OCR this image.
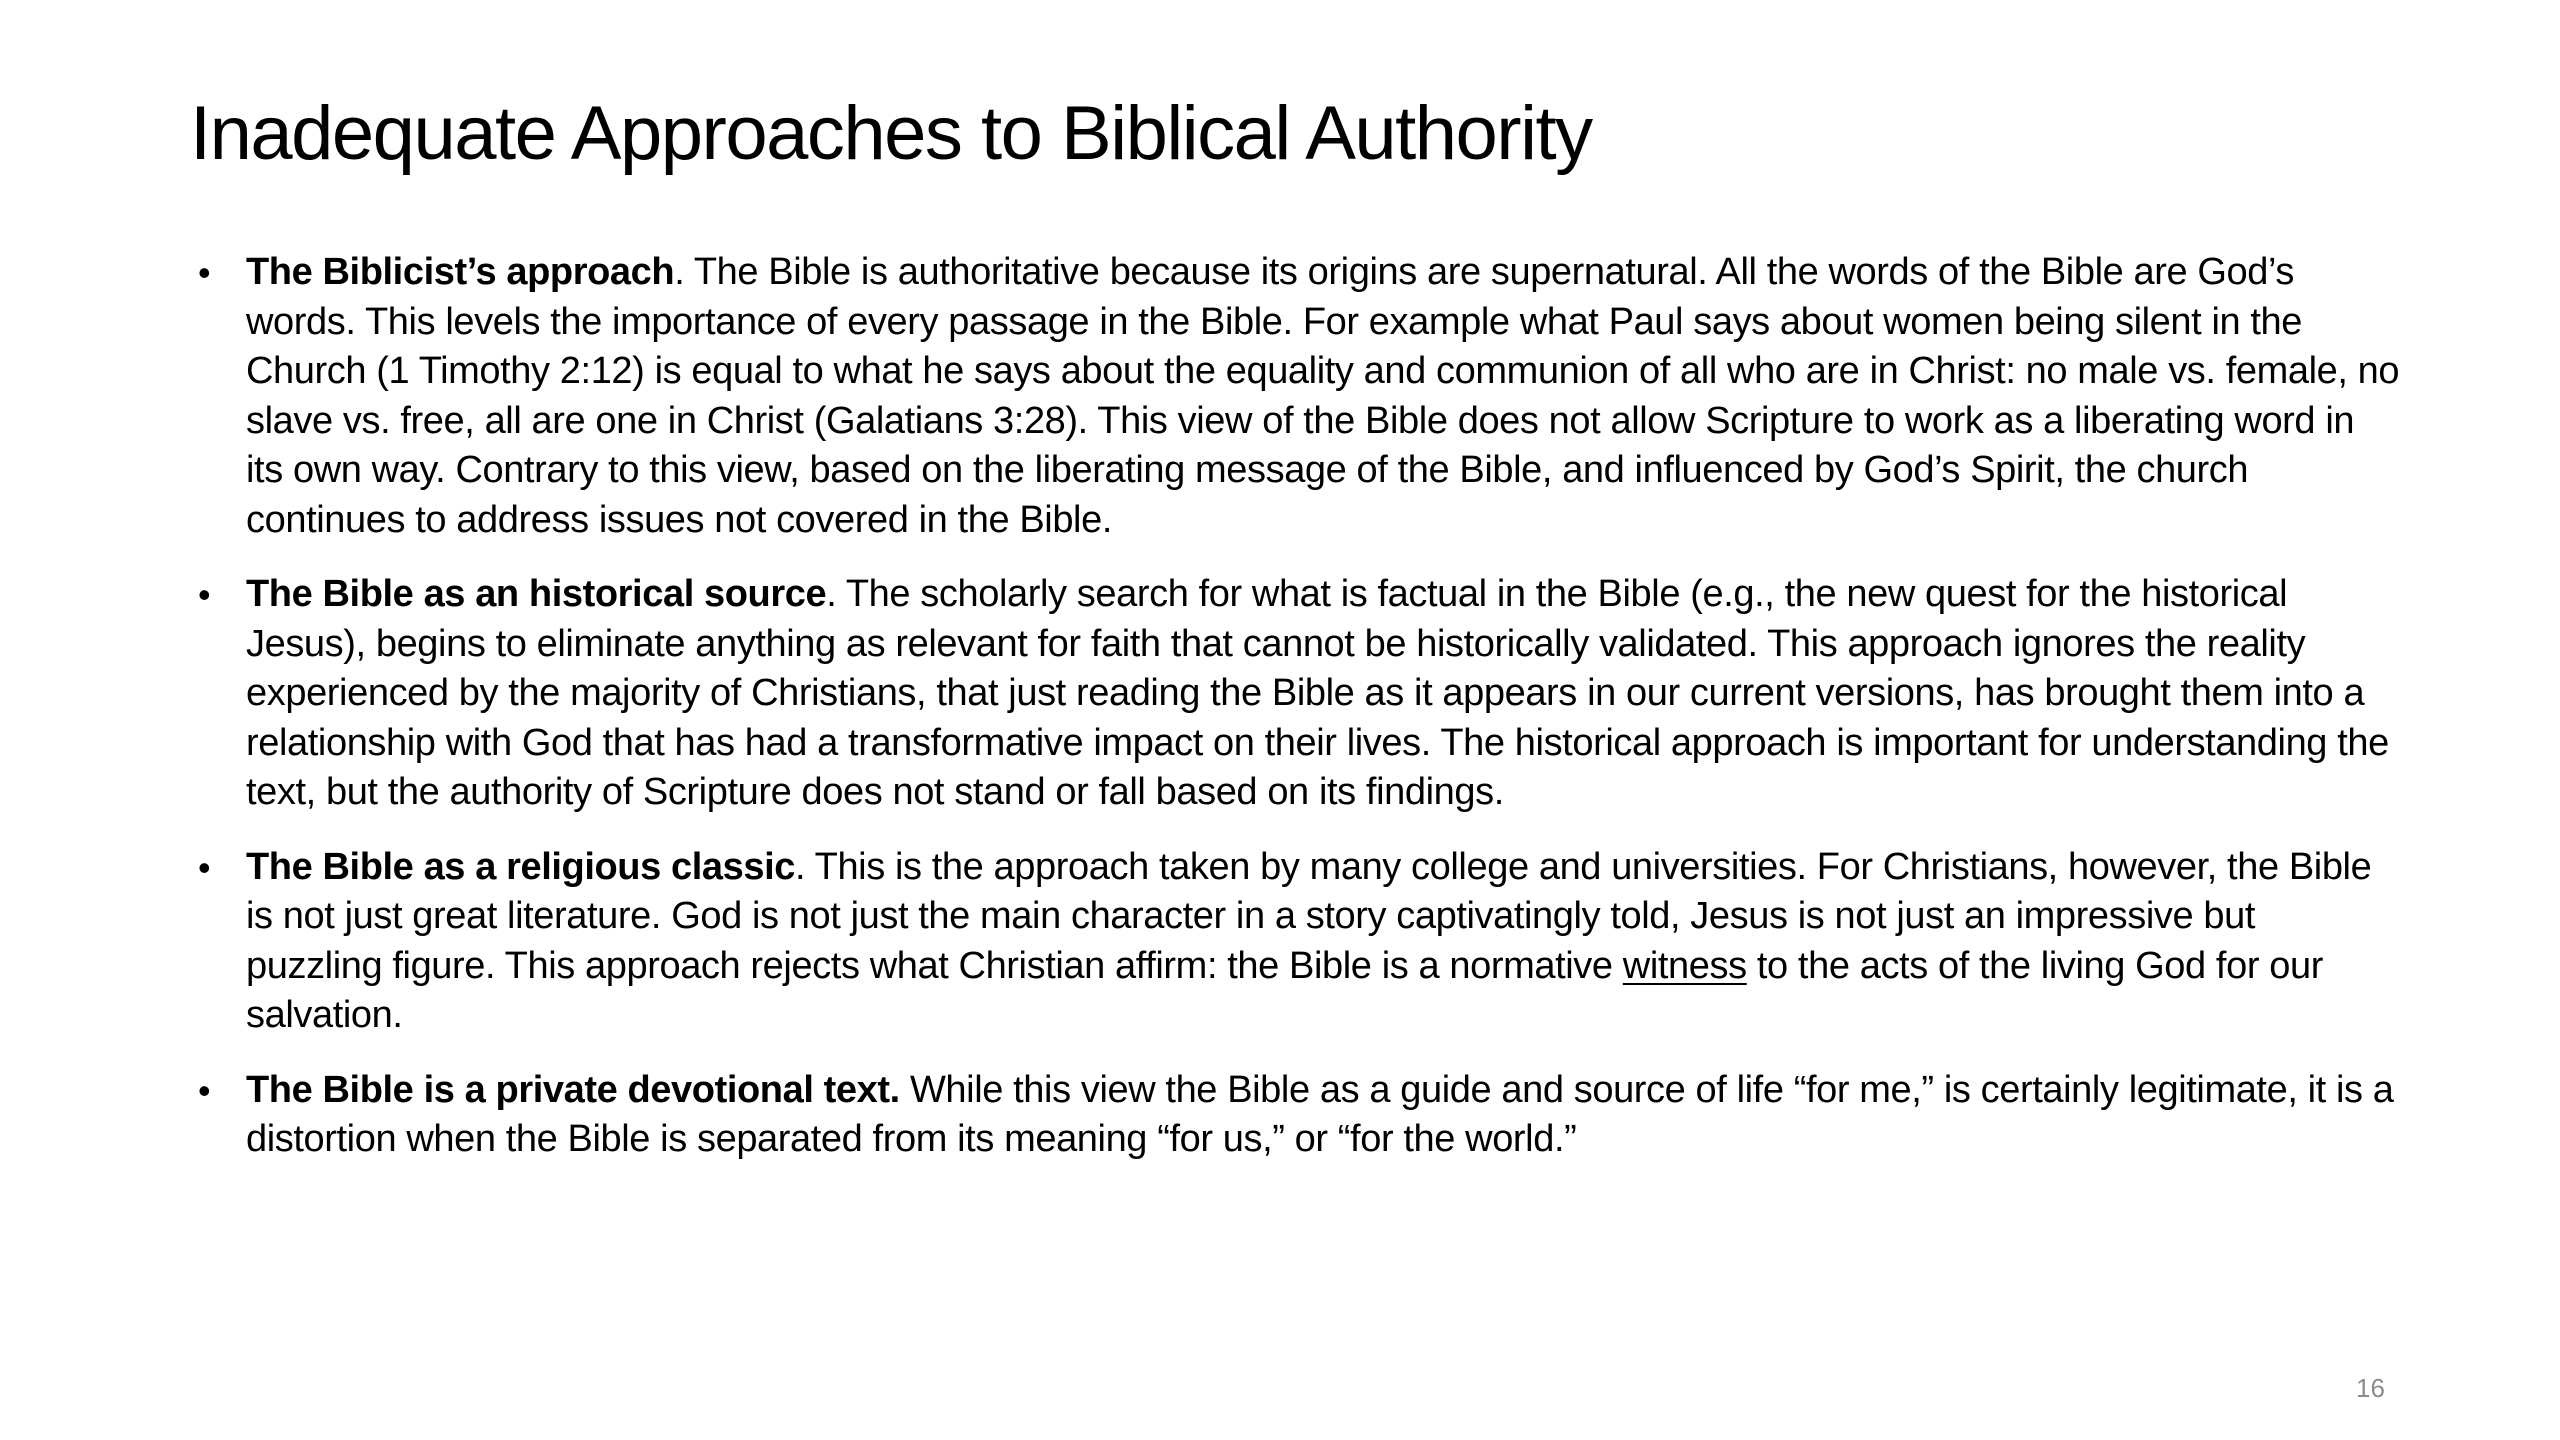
Inadequate Approaches to Biblical Authority
• The Biblicist’s approach. The Bible is authoritative because its origins are supernatural. All the words of the Bible are God’s words. This levels the importance of every passage in the Bible. For example what Paul says about women being silent in the Church (1 Timothy 2:12) is equal to what he says about the equality and communion of all who are in Christ: no male vs. female, no slave vs. free, all are one in Christ (Galatians 3:28). This view of the Bible does not allow Scripture to work as a liberating word in its own way. Contrary to this view, based on the liberating message of the Bible, and influenced by God’s Spirit, the church continues to address issues not covered in the Bible.
• The Bible as an historical source. The scholarly search for what is factual in the Bible (e.g., the new quest for the historical Jesus), begins to eliminate anything as relevant for faith that cannot be historically validated. This approach ignores the reality experienced by the majority of Christians, that just reading the Bible as it appears in our current versions, has brought them into a relationship with God that has had a transformative impact on their lives. The historical approach is important for understanding the text, but the authority of Scripture does not stand or fall based on its findings.
• The Bible as a religious classic. This is the approach taken by many college and universities. For Christians, however, the Bible is not just great literature. God is not just the main character in a story captivatingly told, Jesus is not just an impressive but puzzling figure. This approach rejects what Christian affirm: the Bible is a normative witness to the acts of the living God for our salvation.
• The Bible is a private devotional text. While this view the Bible as a guide and source of life “for me,” is certainly legitimate, it is a distortion when the Bible is separated from its meaning “for us,” or “for the world.”
16
